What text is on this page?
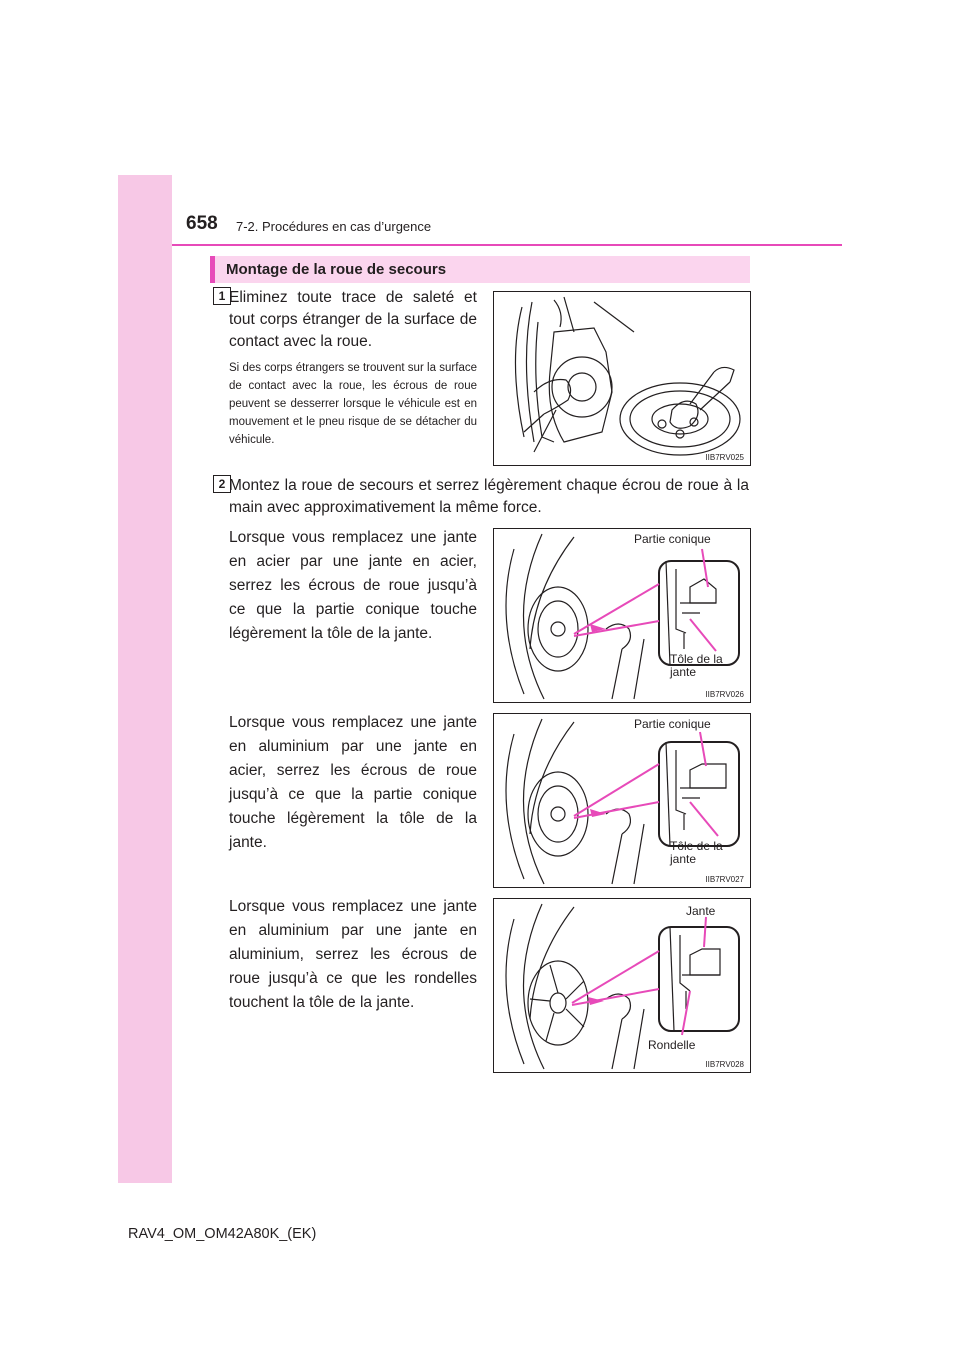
658 7-2. Procédures en cas d’urgence
Montage de la roue de secours
1 Eliminez toute trace de saleté et tout corps étranger de la surface de contact avec la roue.
Si des corps étrangers se trouvent sur la surface de contact avec la roue, les écrous de roue peuvent se desserrer lorsque le véhicule est en mouvement et le pneu risque de se détacher du véhicule.
IIB7RV025
2 Montez la roue de secours et serrez légèrement chaque écrou de roue à la main avec approximativement la même force.
Lorsque vous remplacez une jante en acier par une jante en acier, serrez les écrous de roue jusqu’à ce que la partie conique touche légèrement la tôle de la jante.
Partie conique
Tôle de la
jante
IIB7RV026
Lorsque vous remplacez une jante en aluminium par une jante en acier, serrez les écrous de roue jusqu’à ce que la partie conique touche légèrement la tôle de la jante.
Partie conique
Tôle de la
jante
IIB7RV027
Lorsque vous remplacez une jante en aluminium par une jante en aluminium, serrez les écrous de roue jusqu’à ce que les rondelles touchent la tôle de la jante.
Jante
Rondelle
IIB7RV028
RAV4_OM_OM42A80K_(EK)
